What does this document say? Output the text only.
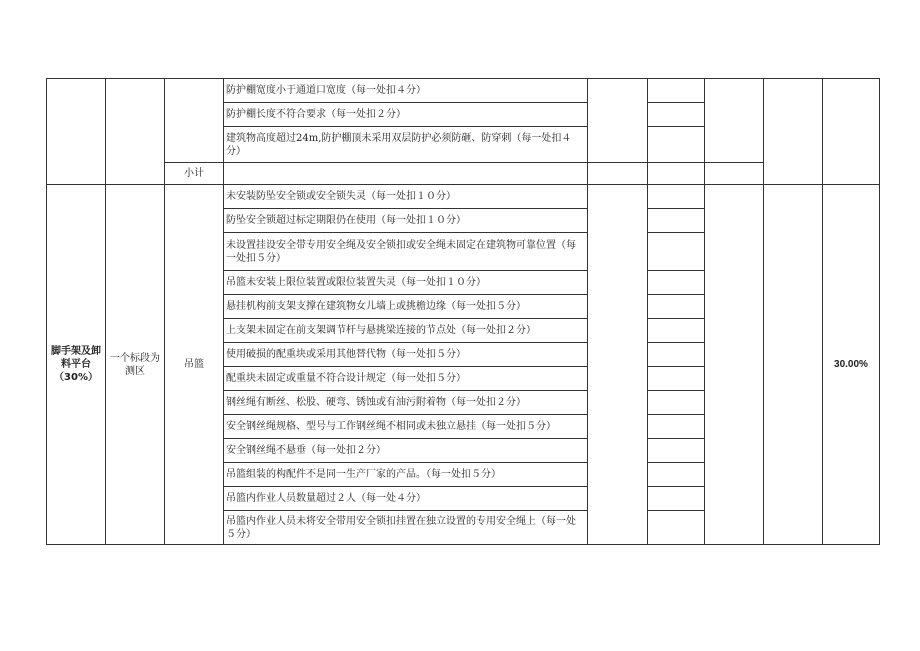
			防护棚宽度小于通道口宽度（每一处扣４分）					
			防护棚长度不符合要求（每一处扣２分）					
			建筑物高度超过24m,防护棚顶未采用双层防护必须防砸、防穿刺（每一处扣４分）					
		小计						
脚手架及卸料平台（30%）	一个标段为测区	吊篮	未安装防坠安全锁或安全锁失灵（每一处扣１０分）					30.00%
			防坠安全锁超过标定期限仍在使用（每一处扣１０分）					
			未设置挂设安全带专用安全绳及安全锁扣或安全绳未固定在建筑物可靠位置（每一处扣５分）					
			吊篮未安装上限位装置或限位装置失灵（每一处扣１０分）					
			悬挂机构前支架支撑在建筑物女儿墙上或挑檐边缘（每一处扣５分）					
			上支架未固定在前支架调节杆与悬挑梁连接的节点处（每一处扣２分）					
			使用破损的配重块或采用其他替代物（每一处扣５分）					
			配重块未固定或重量不符合设计规定（每一处扣５分）					
			钢丝绳有断丝、松股、硬弯、锈蚀或有油污附着物（每一处扣２分）					
			安全钢丝绳规格、型号与工作钢丝绳不相同或未独立悬挂（每一处扣５分）					
			安全钢丝绳不悬垂（每一处扣２分）					
			吊篮组装的构配件不是同一生产厂家的产品。（每一处扣５分）					
			吊篮内作业人员数量超过２人（每一处４分）					
			吊篮内作业人员未将安全带用安全锁扣挂置在独立设置的专用安全绳上（每一处５分）					
